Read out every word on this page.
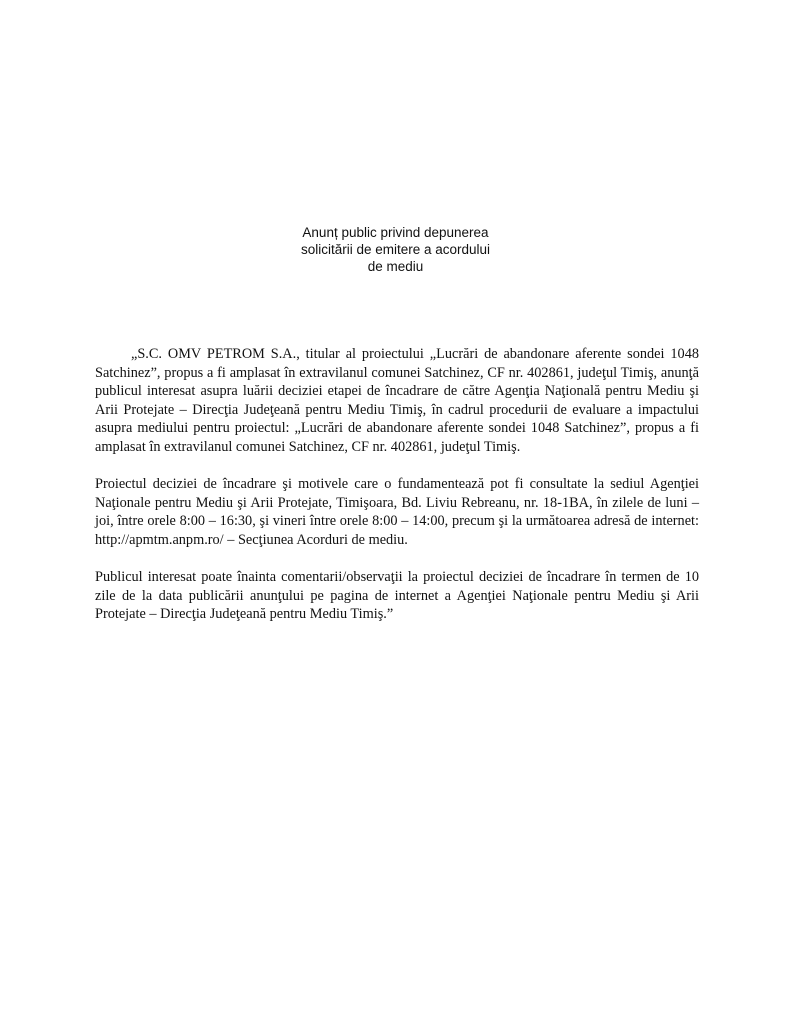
Anunț public privind depunerea
solicitării de emitere a acordului
de mediu

„S.C. OMV PETROM S.A., titular al proiectului „Lucrări de abandonare aferente sondei 1048 Satchinez”, propus a fi amplasat în extravilanul comunei Satchinez, CF nr. 402861, judeţul Timiş, anunţă publicul interesat asupra luării deciziei etapei de încadrare de către Agenţia Naţională pentru Mediu şi Arii Protejate – Direcţia Judeţeană pentru Mediu Timiş, în cadrul procedurii de evaluare a impactului asupra mediului pentru proiectul: „Lucrări de abandonare aferente sondei 1048 Satchinez”, propus a fi amplasat în extravilanul comunei Satchinez, CF nr. 402861, judeţul Timiş.

Proiectul deciziei de încadrare şi motivele care o fundamentează pot fi consultate la sediul Agenţiei Naţionale pentru Mediu şi Arii Protejate, Timişoara, Bd. Liviu Rebreanu, nr. 18-1BA, în zilele de luni – joi, între orele 8:00 – 16:30, şi vineri între orele 8:00 – 14:00, precum şi la următoarea adresă de internet: http://apmtm.anpm.ro/ – Secţiunea Acorduri de mediu.

Publicul interesat poate înainta comentarii/observaţii la proiectul deciziei de încadrare în termen de 10 zile de la data publicării anunţului pe pagina de internet a Agenţiei Naţionale pentru Mediu şi Arii Protejate – Direcţia Judeţeană pentru Mediu Timiş.”
